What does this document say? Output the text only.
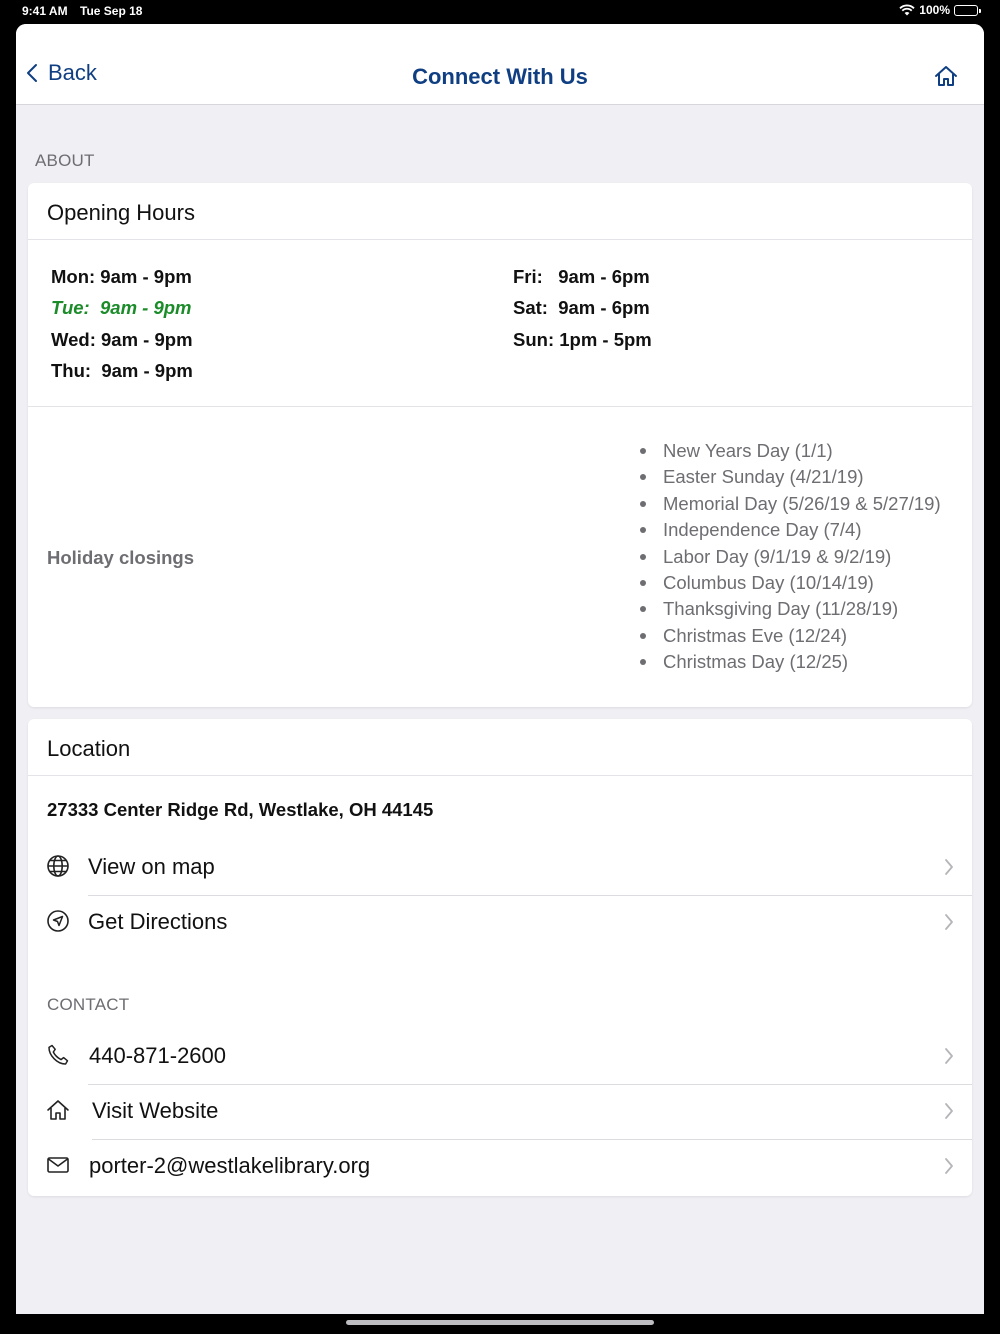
9:41 AM Tue Sep 18	100%
Back	Connect With Us
ABOUT
Opening Hours
Mon: 9am - 9pm
Tue:  9am - 9pm
Wed: 9am - 9pm
Thu:  9am - 9pm
Fri:   9am - 6pm
Sat:  9am - 6pm
Sun: 1pm - 5pm
Holiday closings
New Years Day (1/1)
Easter Sunday (4/21/19)
Memorial Day (5/26/19 & 5/27/19)
Independence Day (7/4)
Labor Day (9/1/19 & 9/2/19)
Columbus Day (10/14/19)
Thanksgiving Day (11/28/19)
Christmas Eve (12/24)
Christmas Day (12/25)
Location
27333 Center Ridge Rd, Westlake, OH 44145
View on map
Get Directions
CONTACT
440-871-2600
Visit Website
porter-2@westlakelibrary.org
